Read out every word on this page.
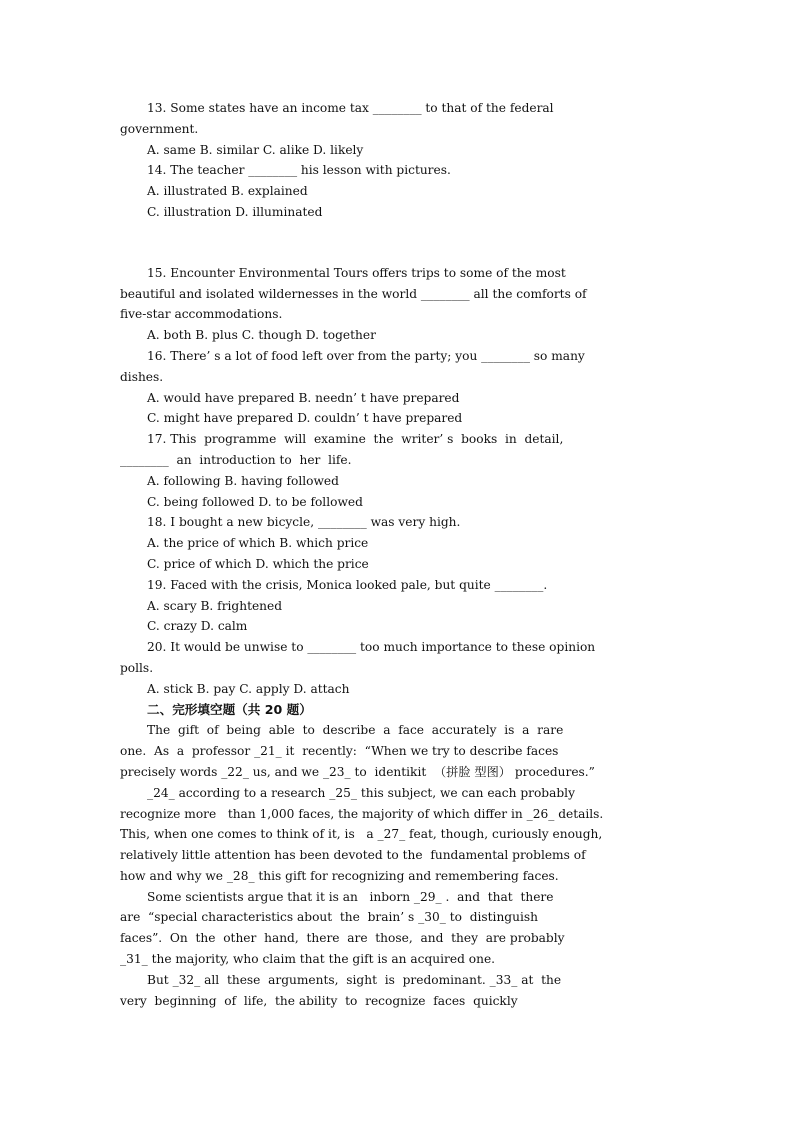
13. Some states have an income tax ________ to that of the federal
government.
A. same B. similar C. alike D. likely
14. The teacher ________ his lesson with pictures.
A. illustrated B. explained
C. illustration D. illuminated
15. Encounter Environmental Tours offers trips to some of the most
beautiful and isolated wildernesses in the world ________ all the comforts of
five-star accommodations.
A. both B. plus C. though D. together
16. There’ s a lot of food left over from the party; you ________ so many
dishes.
A. would have prepared B. needn’ t have prepared
C. might have prepared D. couldn’ t have prepared
17. This  programme  will  examine  the  writer’ s  books  in  detail,
________  an  introduction to  her  life.
A. following B. having followed
C. being followed D. to be followed
18. I bought a new bicycle, ________ was very high.
A. the price of which B. which price
C. price of which D. which the price
19. Faced with the crisis, Monica looked pale, but quite ________.
A. scary B. frightened
C. crazy D. calm
20. It would be unwise to ________ too much importance to these opinion
polls.
A. stick B. pay C. apply D. attach
二、完形填空题（共 20 题）
The  gift  of  being  able  to  describe  a  face  accurately  is  a  rare
one.  As  a  professor _21_ it  recently:  “When we try to describe faces
precisely words _22_ us, and we _23_ to  identikit  （拼脸 型图） procedures.”
_24_ according to a research _25_ this subject, we can each probably
recognize more   than 1,000 faces, the majority of which differ in _26_ details.
This, when one comes to think of it, is   a _27_ feat, though, curiously enough,
relatively little attention has been devoted to the  fundamental problems of
how and why we _28_ this gift for recognizing and remembering faces.
Some scientists argue that it is an   inborn _29_ .  and  that  there
are  “special characteristics about  the  brain’ s _30_ to  distinguish
faces”.  On  the  other  hand,  there  are  those,  and  they  are probably
_31_ the majority, who claim that the gift is an acquired one.
But _32_ all  these  arguments,  sight  is  predominant. _33_ at  the
very  beginning  of  life,  the ability  to  recognize  faces  quickly
